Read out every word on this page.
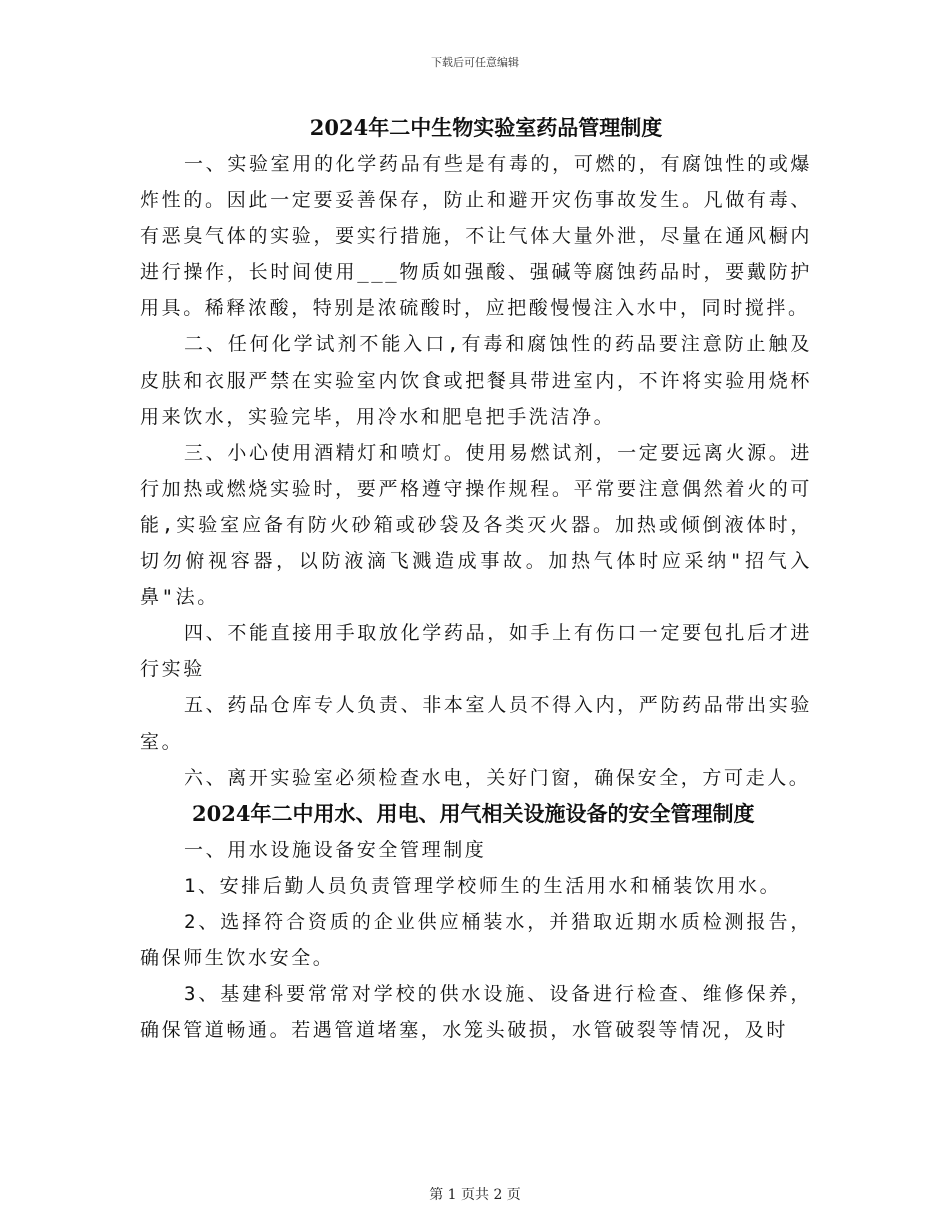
下载后可任意编辑
2024年二中生物实验室药品管理制度

一、实验室用的化学药品有些是有毒的，可燃的，有腐蚀性的或爆炸性的。因此一定要妥善保存，防止和避开灾伤事故发生。凡做有毒、有恶臭气体的实验，要实行措施，不让气体大量外泄，尽量在通风橱内进行操作，长时间使用___物质如强酸、强碱等腐蚀药品时，要戴防护用具。稀释浓酸，特别是浓硫酸时，应把酸慢慢注入水中，同时搅拌。

二、任何化学试剂不能入口,有毒和腐蚀性的药品要注意防止触及皮肤和衣服严禁在实验室内饮食或把餐具带进室内，不许将实验用烧杯用来饮水，实验完毕，用冷水和肥皂把手洗洁净。

三、小心使用酒精灯和喷灯。使用易燃试剂，一定要远离火源。进行加热或燃烧实验时，要严格遵守操作规程。平常要注意偶然着火的可能,实验室应备有防火砂箱或砂袋及各类灭火器。加热或倾倒液体时，切勿俯视容器，以防液滴飞溅造成事故。加热气体时应采纳"招气入鼻"法。

四、不能直接用手取放化学药品，如手上有伤口一定要包扎后才进行实验

五、药品仓库专人负责、非本室人员不得入内，严防药品带出实验室。

六、离开实验室必须检查水电，关好门窗，确保安全，方可走人。

2024年二中用水、用电、用气相关设施设备的安全管理制度

一、用水设施设备安全管理制度

1、安排后勤人员负责管理学校师生的生活用水和桶装饮用水。

2、选择符合资质的企业供应桶装水，并猎取近期水质检测报告，确保师生饮水安全。

3、基建科要常常对学校的供水设施、设备进行检查、维修保养，确保管道畅通。若遇管道堵塞，水笼头破损，水管破裂等情况，及时

第 1 页共 2 页
